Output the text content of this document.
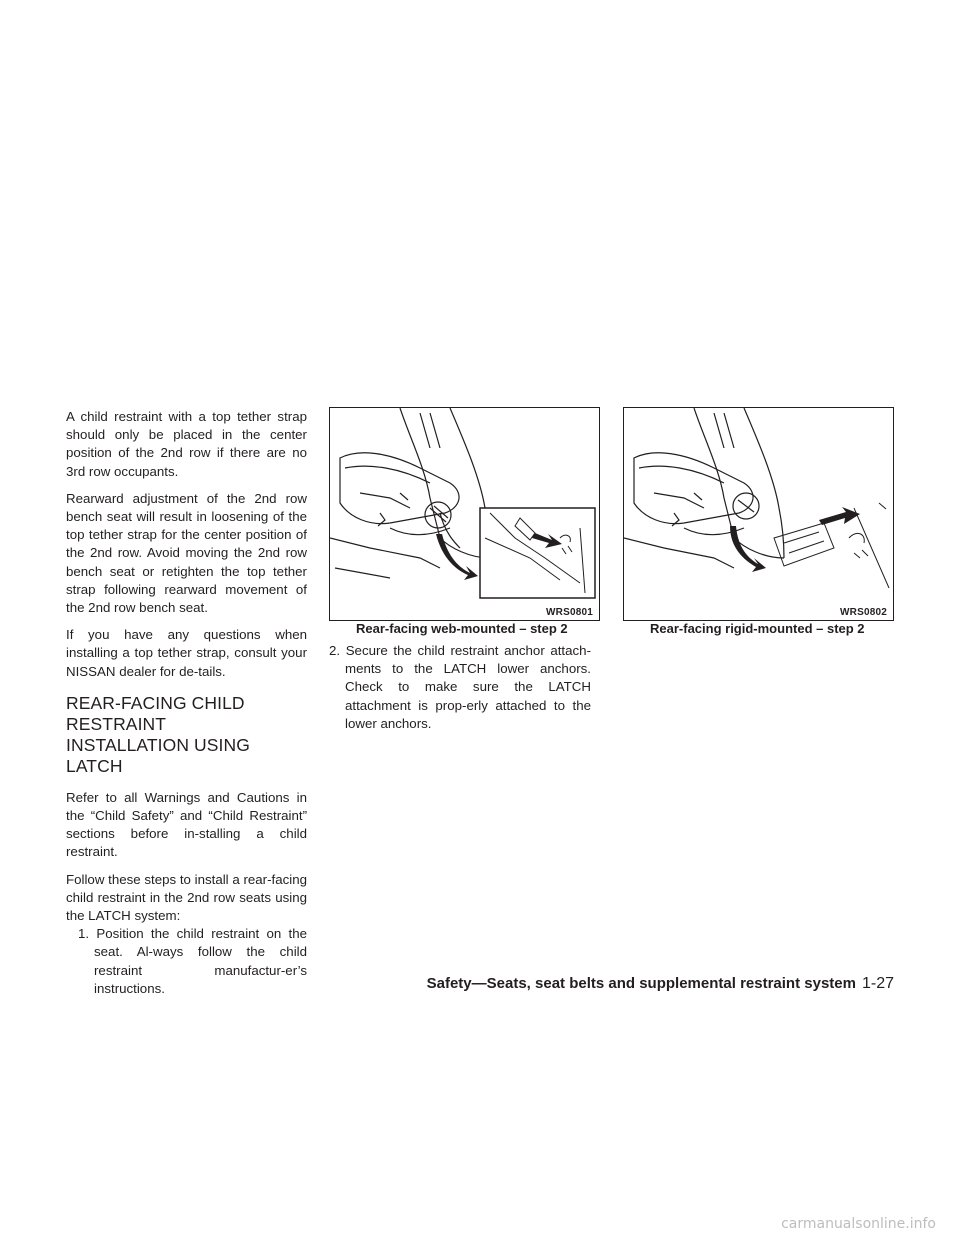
A child restraint with a top tether strap should only be placed in the center position of the 2nd row if there are no 3rd row occupants.

Rearward adjustment of the 2nd row bench seat will result in loosening of the top tether strap for the center position of the 2nd row. Avoid moving the 2nd row bench seat or retighten the top tether strap following rearward movement of the 2nd row bench seat.

If you have any questions when installing a top tether strap, consult your NISSAN dealer for de-tails.

REAR-FACING CHILD RESTRAINT
INSTALLATION USING LATCH

Refer to all Warnings and Cautions in the “Child Safety” and “Child Restraint” sections before in-stalling a child restraint.

Follow these steps to install a rear-facing child restraint in the 2nd row seats using the LATCH system:

1. Position the child restraint on the seat. Al-ways follow the child restraint manufactur-er’s instructions.

WRS0801
Rear-facing web-mounted – step 2

2. Secure the child restraint anchor attach-ments to the LATCH lower anchors. Check to make sure the LATCH attachment is prop-erly attached to the lower anchors.

WRS0802
Rear-facing rigid-mounted – step 2
Safety—Seats, seat belts and supplemental restraint system 1-27
carmanualsonline.info
